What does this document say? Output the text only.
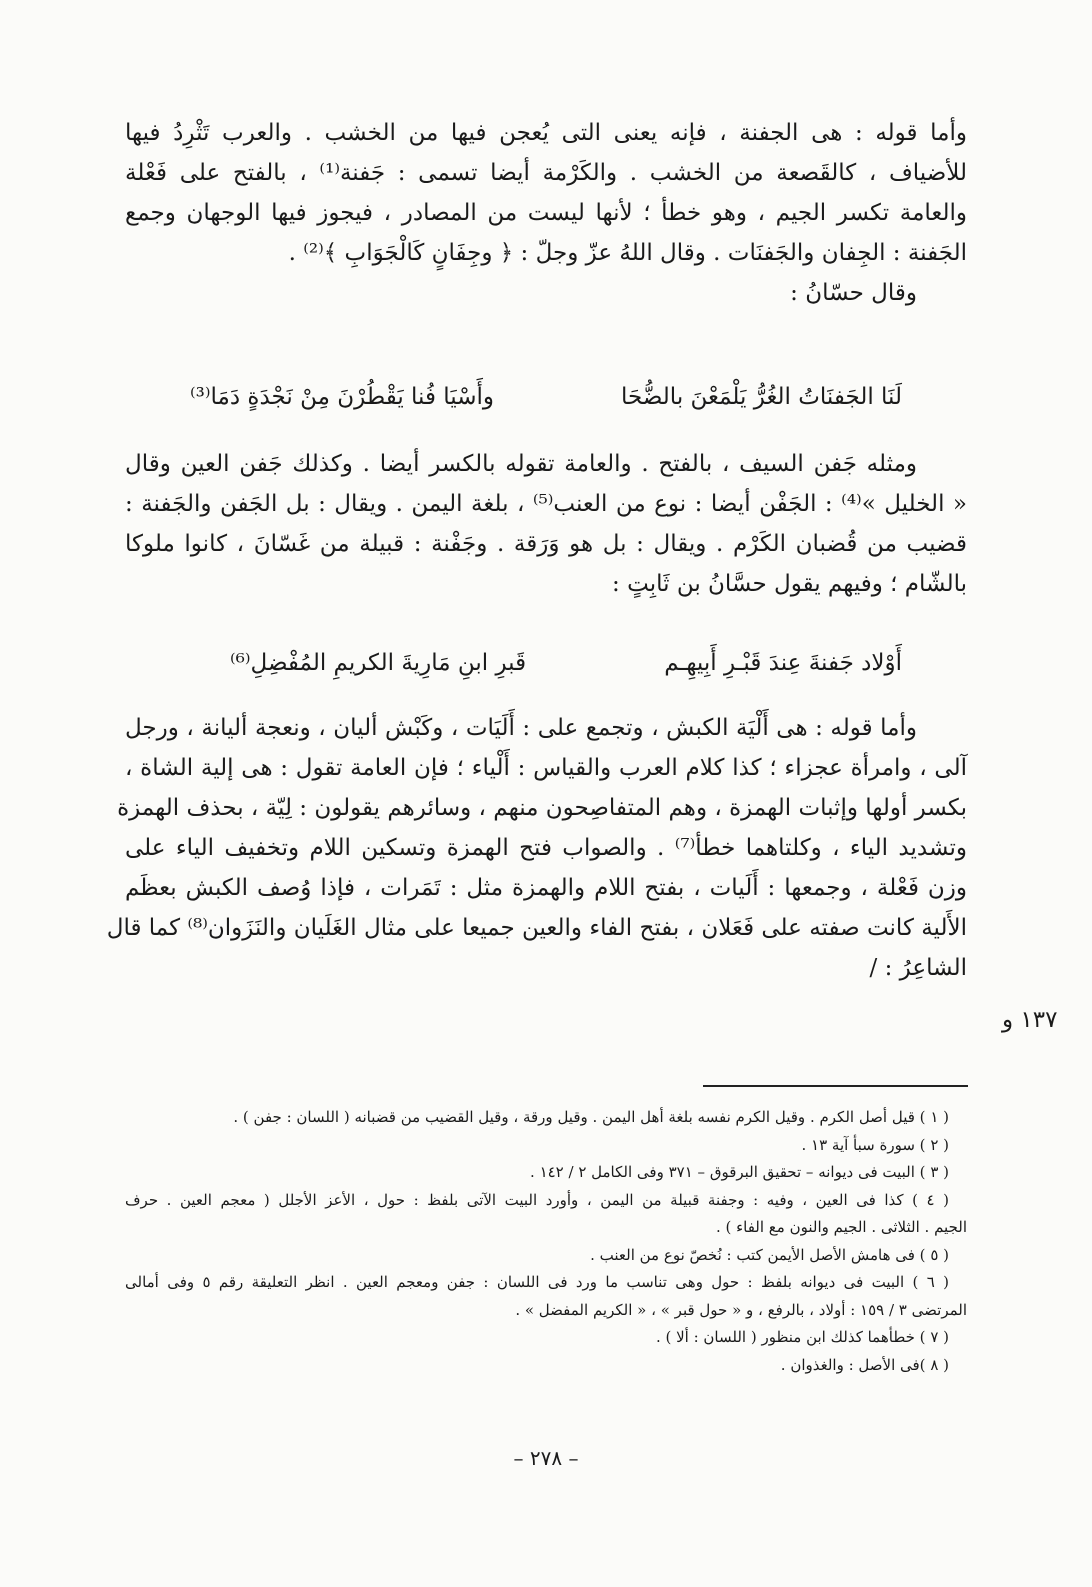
وأما قوله : هى الجفنة ، فإنه يعنى التى يُعجن فيها من الخشب . والعرب تَثْرِدُ فيها
للأضياف ، كالقَصعة من الخشب . والكَرْمة أيضا تسمى : جَفنة⁽¹⁾ ، بالفتح على فَعْلة
والعامة تكسر الجيم ، وهو خطأ ؛ لأنها ليست من المصادر ، فيجوز فيها الوجهان وجمع
الجَفنة : الجِفان والجَفنَات . وقال اللهُ عزّ وجلّ : ﴿ وجِفَانٍ كَالْجَوَابِ ﴾⁽²⁾ .
وقال حسّانُ :
لَنَا الجَفنَاتُ الغُرُّ يَلْمَعْنَ بالضُّحَا
وأَسْيَا فُنا يَقْطُرْنَ مِنْ نَجْدَةٍ دَمَا⁽³⁾
ومثله جَفن السيف ، بالفتح . والعامة تقوله بالكسر أيضا . وكذلك جَفن العين وقال
« الخليل »⁽⁴⁾ : الجَفْن أيضا : نوع من العنب⁽⁵⁾ ، بلغة اليمن . ويقال : بل الجَفن والجَفنة :
قضيب من قُضبان الكَرْم . ويقال : بل هو وَرَقة . وجَفْنة : قبيلة من غَسّانَ ، كانوا ملوكا
بالشّام ؛ وفيهم يقول حسَّانُ بن ثَابِتٍ :
أَوْلاد جَفنةَ عِندَ قَبْـرِ أَبِيهِـم
قَبرِ ابنِ مَارِيةَ الكريمِ المُفْضِلِ⁽⁶⁾
وأما قوله : هى أَلْيَة الكبش ، وتجمع على : أَلَيَات ، وكَبْش أليان ، ونعجة أليانة ، ورجل
آلى ، وامرأة عجزاء ؛ كذا كلام العرب والقياس : أَلْياء ؛ فإن العامة تقول : هى إلية الشاة ،
بكسر أولها وإثبات الهمزة ، وهم المتفاصِحون منهم ، وسائرهم يقولون : لِيّة ، بحذف الهمزة
وتشديد الياء ، وكلتاهما خطأ⁽⁷⁾ . والصواب فتح الهمزة وتسكين اللام وتخفيف الياء على
وزن فَعْلة ، وجمعها : أَلَيات ، بفتح اللام والهمزة مثل : تَمَرات ، فإذا وُصف الكبش بعظَم
الأَلية كانت صفته على فَعَلان ، بفتح الفاء والعين جميعا على مثال الغَلَيان والنَزَوان⁽⁸⁾ كما قال
الشاعِرُ : /
١٣٧ و
( ١ ) قيل أصل الكرم . وقيل الكرم نفسه بلغة أهل اليمن . وقيل ورقة ، وقيل القضيب من قضبانه ( اللسان : جفن ) .
( ٢ ) سورة سبأ آية ١٣ .
( ٣ ) البيت فى ديوانه – تحقيق البرقوق – ٣٧١ وفى الكامل ٢ / ١٤٢ .
( ٤ ) كذا فى العين ، وفيه : وجفنة قبيلة من اليمن ، وأورد البيت الآتى بلفظ : حول ، الأعز الأجلل ( معجم العين . حرف
الجيم . الثلاثى . الجيم والنون مع الفاء ) .
( ٥ ) فى هامش الأصل الأيمن كتب : نُخصّ نوع من العنب .
( ٦ ) البيت فى ديوانه بلفظ : حول وهى تناسب ما ورد فى اللسان : جفن ومعجم العين . انظر التعليقة رقم ٥ وفى أمالى
المرتضى ٣ / ١٥٩ : أولاد ، بالرفع ، و « حول قبر » ، « الكريم المفضل » .
( ٧ ) خطأهما كذلك ابن منظور ( اللسان : ألا ) .
( ٨ )فى الأصل : والغذوان .
– ٢٧٨ –
